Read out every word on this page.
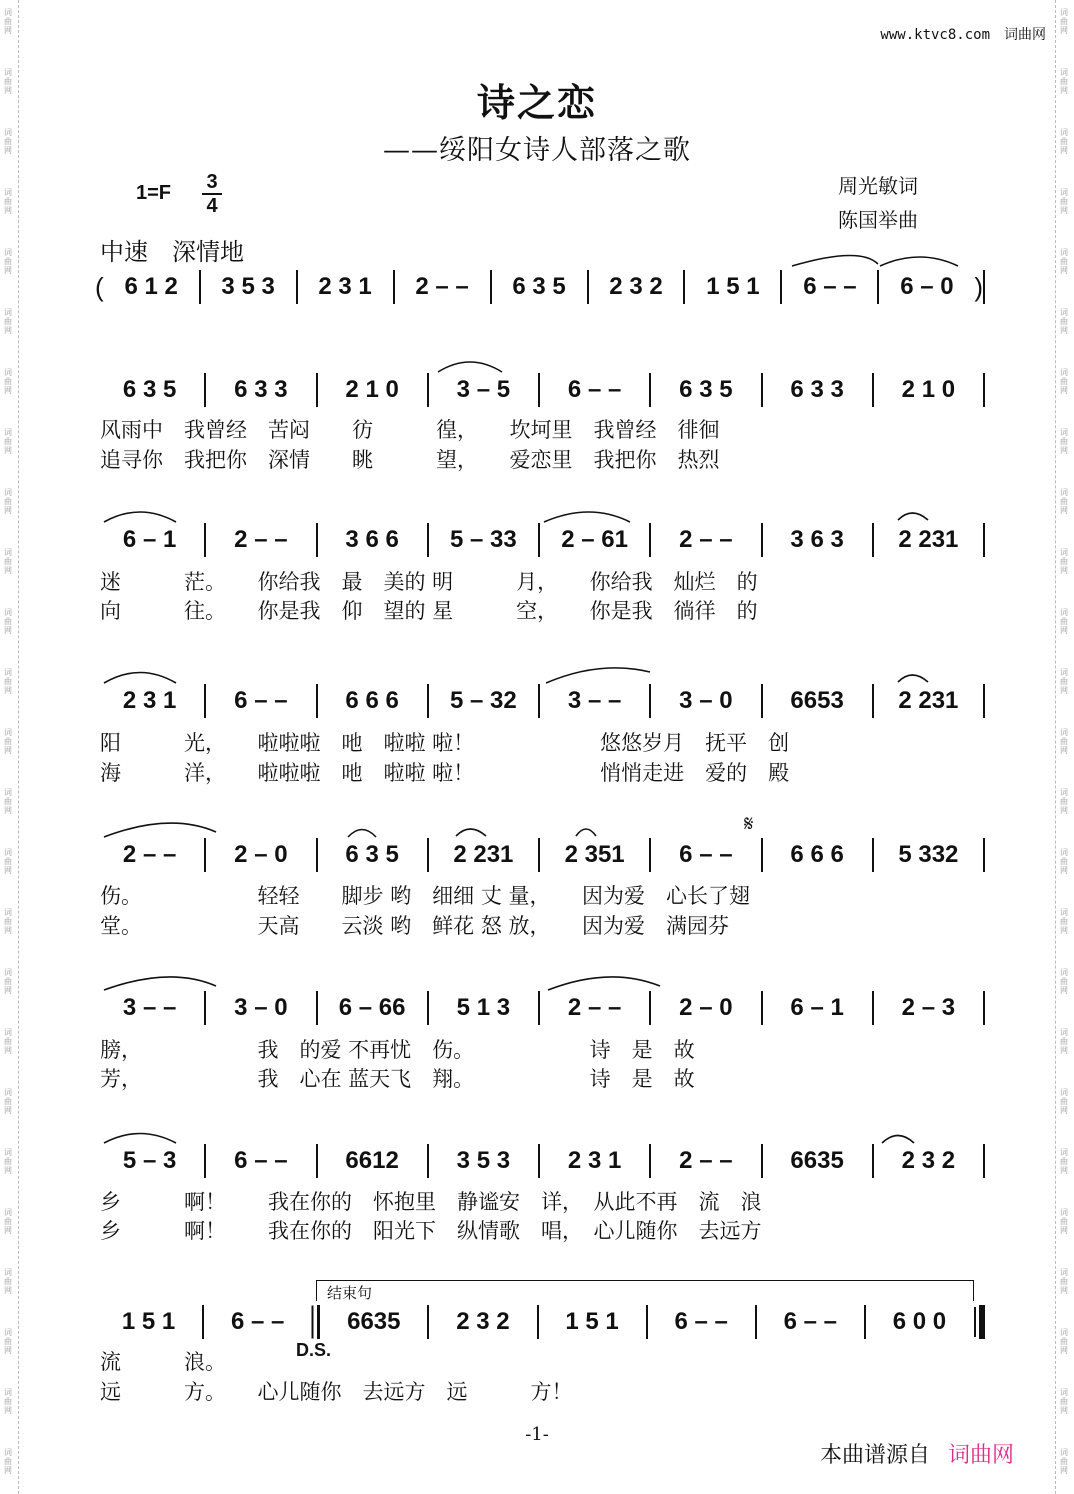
词
曲
网
词
曲
网
词
曲
网
词
曲
网
词
曲
网
词
曲
网
词
曲
网
词
曲
网
词
曲
网
词
曲
网
词
曲
网
词
曲
网
词
曲
网
词
曲
网
词
曲
网
词
曲
网
词
曲
网
词
曲
网
词
曲
网
词
曲
网
词
曲
网
词
曲
网
词
曲
网
词
曲
网
词
曲
网
词
曲
网
词
曲
网
词
曲
网
词
曲
网
词
曲
网
词
曲
网
词
曲
网
词
曲
网
词
曲
网
词
曲
网
词
曲
网
词
曲
网
词
曲
网
词
曲
网
词
曲
网
词
曲
网
词
曲
网
词
曲
网
词
曲
网
词
曲
网
词
曲
网
词
曲
网
词
曲
网
词
曲
网
词
曲
网
www.ktvc8.com　 词曲网
诗之恋
——绥阳女诗人部落之歌
1=F 3
4
周光敏词
陈国举曲
中速　深情地
( 6 1 2	3 5 3	2 3 1	2 – –	6 3 5	2 3 2	1 5 1	6 – –	6 – 0 )
6 3 5	6 3 3	2 1 0	3 – 5	6 – –	6 3 5	6 3 3	2 1 0
风雨中　我曾经　苦闷　　彷　　　徨，　　坎坷里　我曾经　徘徊
追寻你　我把你　深情　　眺　　　望，　　爱恋里　我把你　热烈
6 – 1	2 – –	3 6 6	5 – 33	2 – 61	2 – –	3 6 3	2 231
迷　　　茫。　　你给我　最　美的 明　　　月，　　你给我　灿烂　的
向　　　往。　　你是我　仰　望的 星　　　空，　　你是我　徜徉　的
2 3 1	6 – –	6 6 6	5 – 32	3 – –	3 – 0	6653	2 231
阳　　　光，　　啦啦啦　吔　啦啦 啦！　　　　　　悠悠岁月　抚平　创
海　　　洋，　　啦啦啦　吔　啦啦 啦！　　　　　　悄悄走进　爱的　殿
𝄋
2 – –	2 – 0	6 3 5	2 231	2 351	6 – –	6 6 6	5 332
伤。　　　　　　轻轻　　脚步 哟　细细 丈 量，　　因为爱　心长了翅
堂。　　　　　　天高　　云淡 哟　鲜花 怒 放，　　因为爱　满园芬
3 – –	3 – 0	6 – 66	5 1 3	2 – –	2 – 0	6 – 1	2 – 3
膀，　　　　　　我　的爱 不再忧　伤。　　　　　　诗　是　故
芳，　　　　　　我　心在 蓝天飞　翔。　　　　　　诗　是　故
5 – 3	6 – –	6612	3 5 3	2 3 1	2 – –	6635	2 3 2
乡　　　啊！　　我在你的　怀抱里　静谧安　详，　从此不再　流　浪
乡　　　啊！　　我在你的　阳光下　纵情歌　唱，　心儿随你　去远方
结束句
1 5 1	6 – –	6635	2 3 2	1 5 1	6 – –	6 – –	6 0 0
D.S.
流　　　浪。
远　　　方。　　心儿随你　去远方　远　　　方！
-1-
本曲谱源自 词曲网
